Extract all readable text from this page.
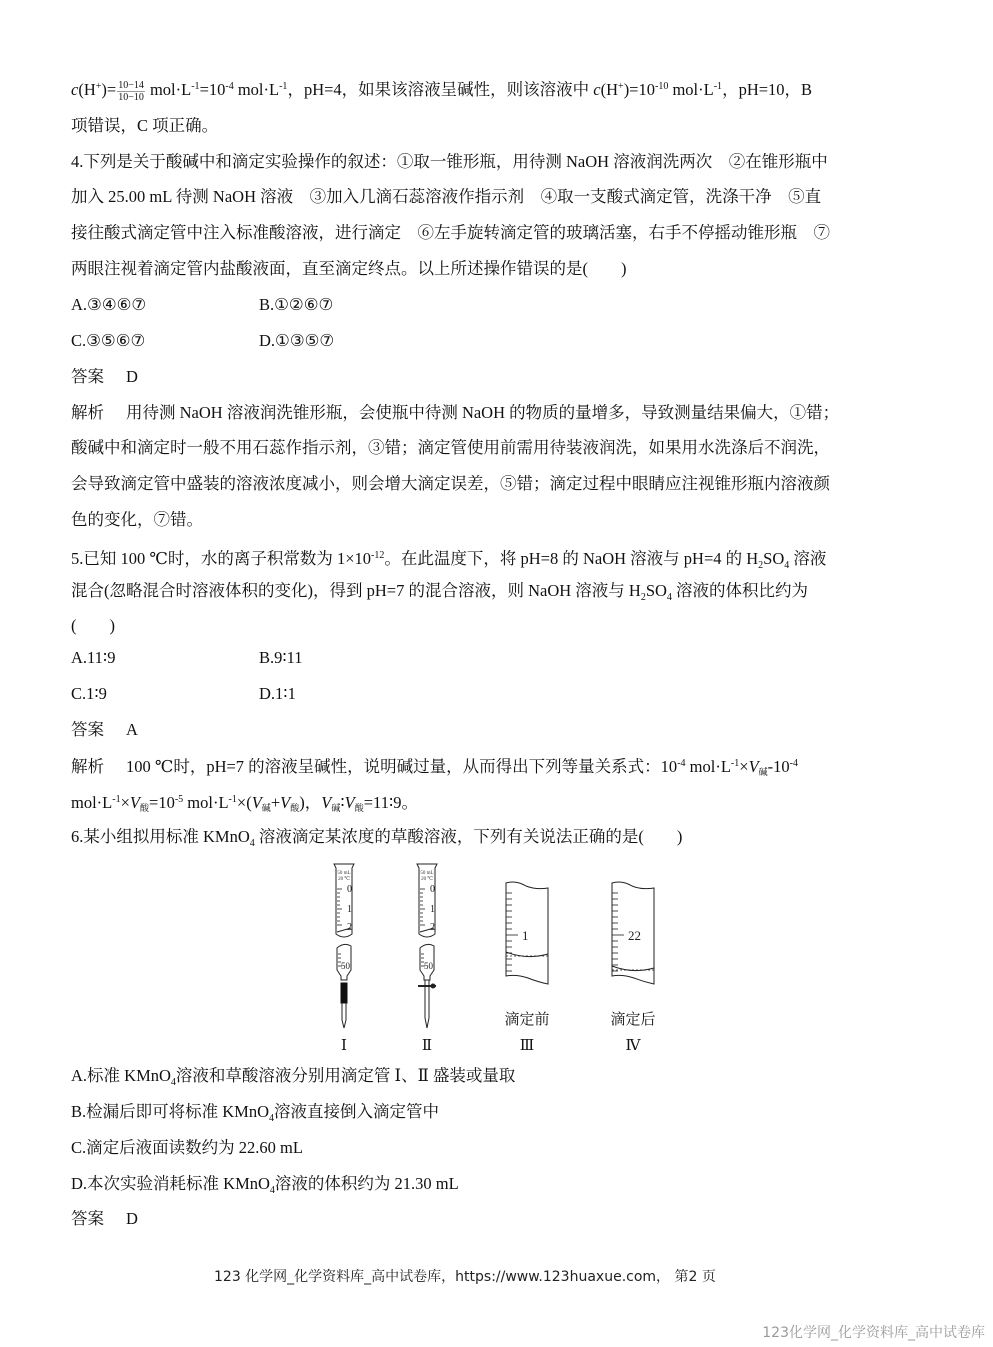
$c(H^+)= \frac{10-14}{10-10} mol\cdot L^{-1}=10^{-4}$ $mol\cdot L^{-1}$，pH=4，如果该溶液呈碱性，则该溶液中 $c(H^+)=10^{-10}$ $mol\cdot L^{-1}$，pH=10，B
项错误，C 项正确。
4.下列是关于酸碱中和滴定实验操作的叙述：①取一锥形瓶，用待测 NaOH 溶液润洗两次　②在锥形瓶中
加入 25.00 mL 待测 NaOH 溶液　③加入几滴石蕊溶液作指示剂　④取一支酸式滴定管，洗涤干净　⑤直
接往酸式滴定管中注入标准酸溶液，进行滴定　⑥左手旋转滴定管的玻璃活塞，右手不停摇动锥形瓶　⑦
两眼注视着滴定管内盐酸液面，直至滴定终点。以上所述操作错误的是(　　)
A.③④⑥⑦	B.①②⑥⑦
C.③⑤⑥⑦	D.①③⑤⑦
答案 D
解析 用待测 NaOH 溶液润洗锥形瓶，会使瓶中待测 NaOH 的物质的量增多，导致测量结果偏大，①错；
酸碱中和滴定时一般不用石蕊作指示剂，③错；滴定管使用前需用待装液润洗，如果用水洗涤后不润洗，
会导致滴定管中盛装的溶液浓度减小，则会增大滴定误差，⑤错；滴定过程中眼睛应注视锥形瓶内溶液颜
色的变化，⑦错。
5.已知 100 ℃时，水的离子积常数为 $1\times 10^{-12}$。在此温度下，将 pH=8 的 NaOH 溶液与 pH=4 的 $H_2SO_4$ 溶液
混合(忽略混合时溶液体积的变化)，得到 pH=7 的混合溶液，则 NaOH 溶液与 $H_2SO_4$ 溶液的体积比约为
(　　)
A.11∶9	B.9∶11
C.1∶9	D.1∶1
答案 A
解析 100 ℃时，pH=7 的溶液呈碱性，说明碱过量，从而得出下列等量关系式：$10^{-4}$ $mol\cdot L^{-1}\times V$碱$-10^{-4}$
$mol\cdot L^{-1}\times V$酸$=10^{-5}$ $mol\cdot L^{-1}\times(V$碱+V酸)，V碱∶V酸=11∶9。
6.某小组拟用标准 KMnO$_4$ 溶液滴定某浓度的草酸溶液，下列有关说法正确的是(　　)
50 mL
20 ℃
0
1
2
50
50 mL
20 ℃
0
1
2
50
1	22
滴定前	滴定后
Ⅰ	Ⅱ	Ⅲ	Ⅳ
A.标准 KMnO$_4$溶液和草酸溶液分别用滴定管 Ⅰ、Ⅱ 盛装或量取
B.检漏后即可将标准 KMnO$_4$溶液直接倒入滴定管中
C.滴定后液面读数约为 22.60 mL
D.本次实验消耗标准 KMnO$_4$溶液的体积约为 21.30 mL
答案 D
123 化学网_化学资料库_高中试卷库，https://www.123huaxue.com， 第2 页
123化学网_化学资料库_高中试卷库
